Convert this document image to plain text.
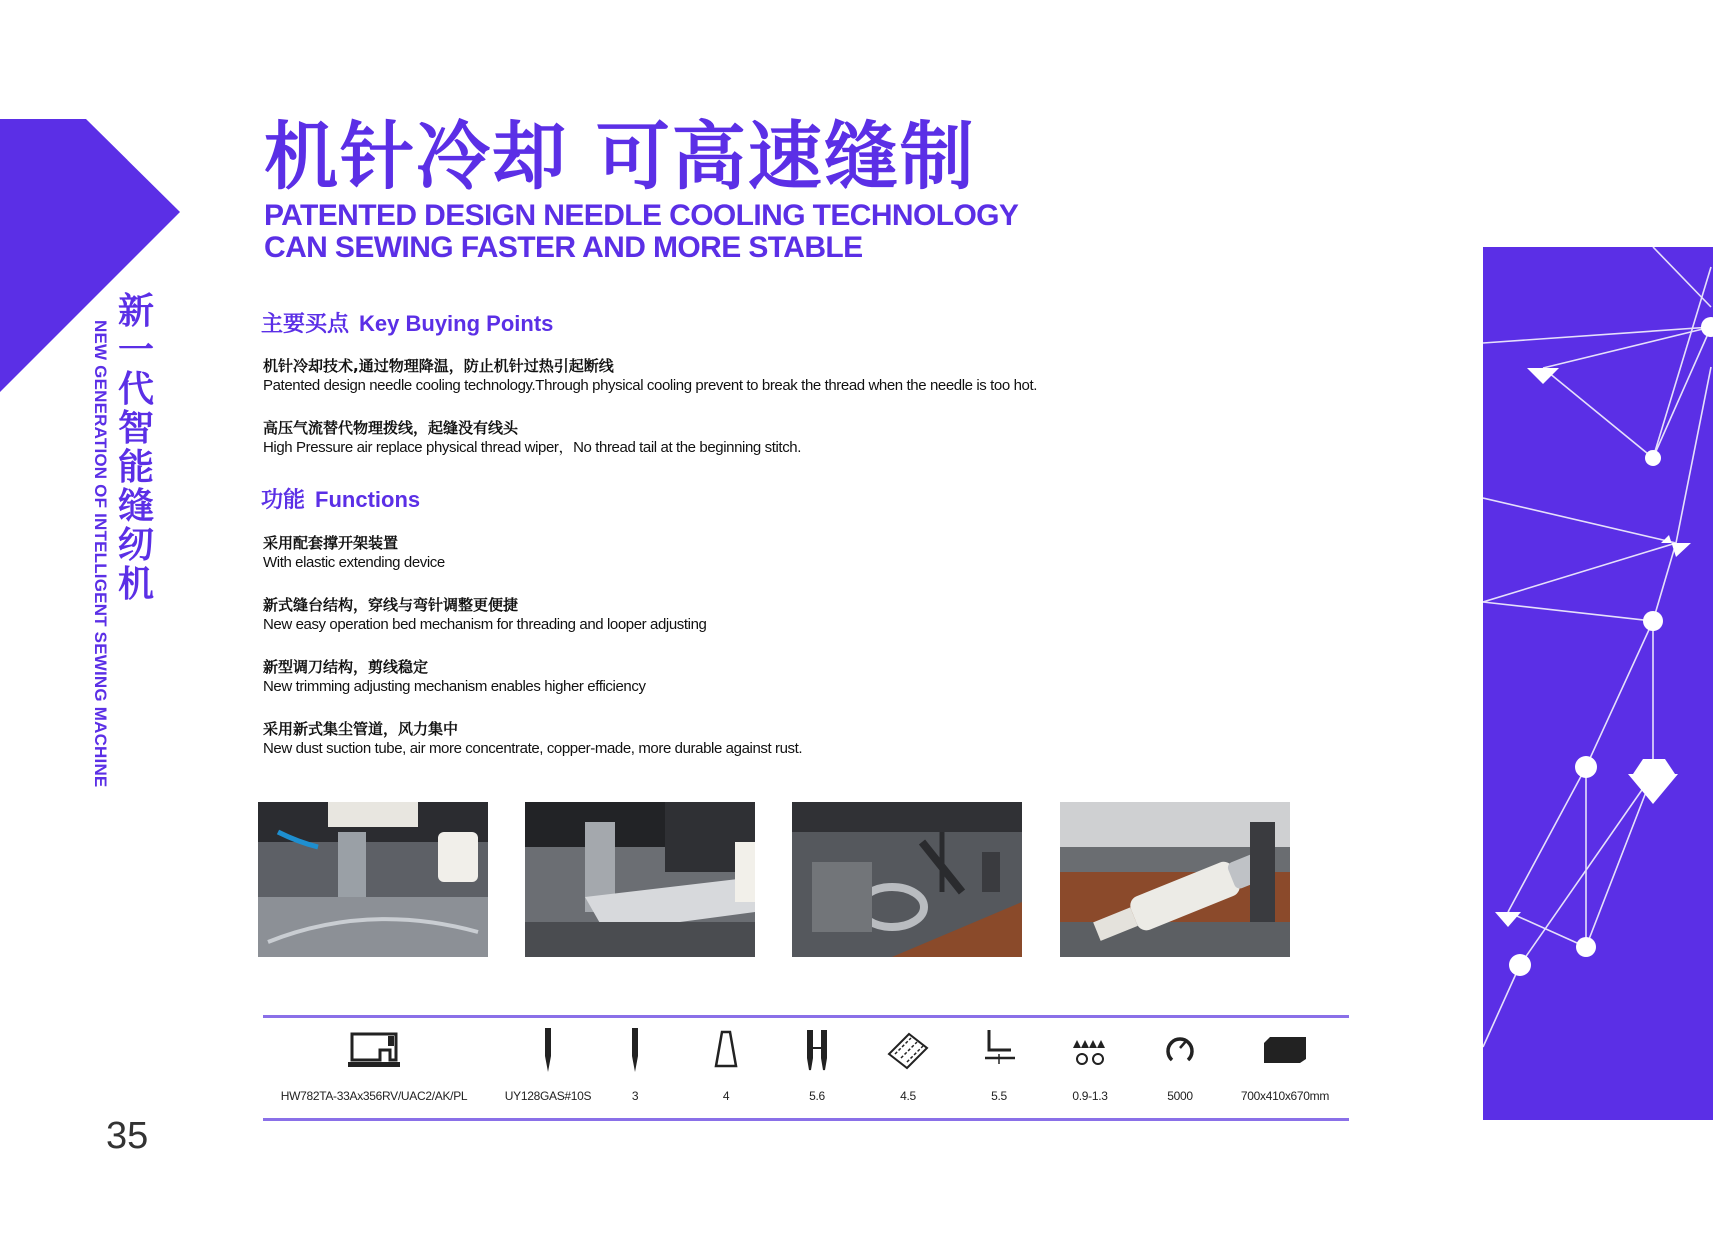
新一代智能缝纫机
NEW GENERATION OF INTELLIGENT SEWING MACHINE
机针冷却 可高速缝制
PATENTED DESIGN NEEDLE COOLING TECHNOLOGY
CAN SEWING FASTER AND MORE STABLE
主要买点 Key Buying Points
机针冷却技术,通过物理降温，防止机针过热引起断线
Patented design needle cooling technology.Through physical cooling prevent to break the thread when the needle is too hot.
高压气流替代物理拨线，起缝没有线头
High Pressure air replace physical thread wiper，No thread tail at the beginning stitch.
功能 Functions
采用配套撑开架装置
With elastic extending device
新式缝台结构，穿线与弯针调整更便捷
New easy operation bed mechanism for threading and looper adjusting
新型调刀结构，剪线稳定
New trimming adjusting mechanism enables higher efficiency
采用新式集尘管道，风力集中
New dust suction tube, air more concentrate, copper-made, more durable against rust.
HW782TA-33Ax356RV/UAC2/AK/PL	UY128GAS#10S	3	4	5.6	4.5	5.5	0.9-1.3	5000	700x410x670mm
35
